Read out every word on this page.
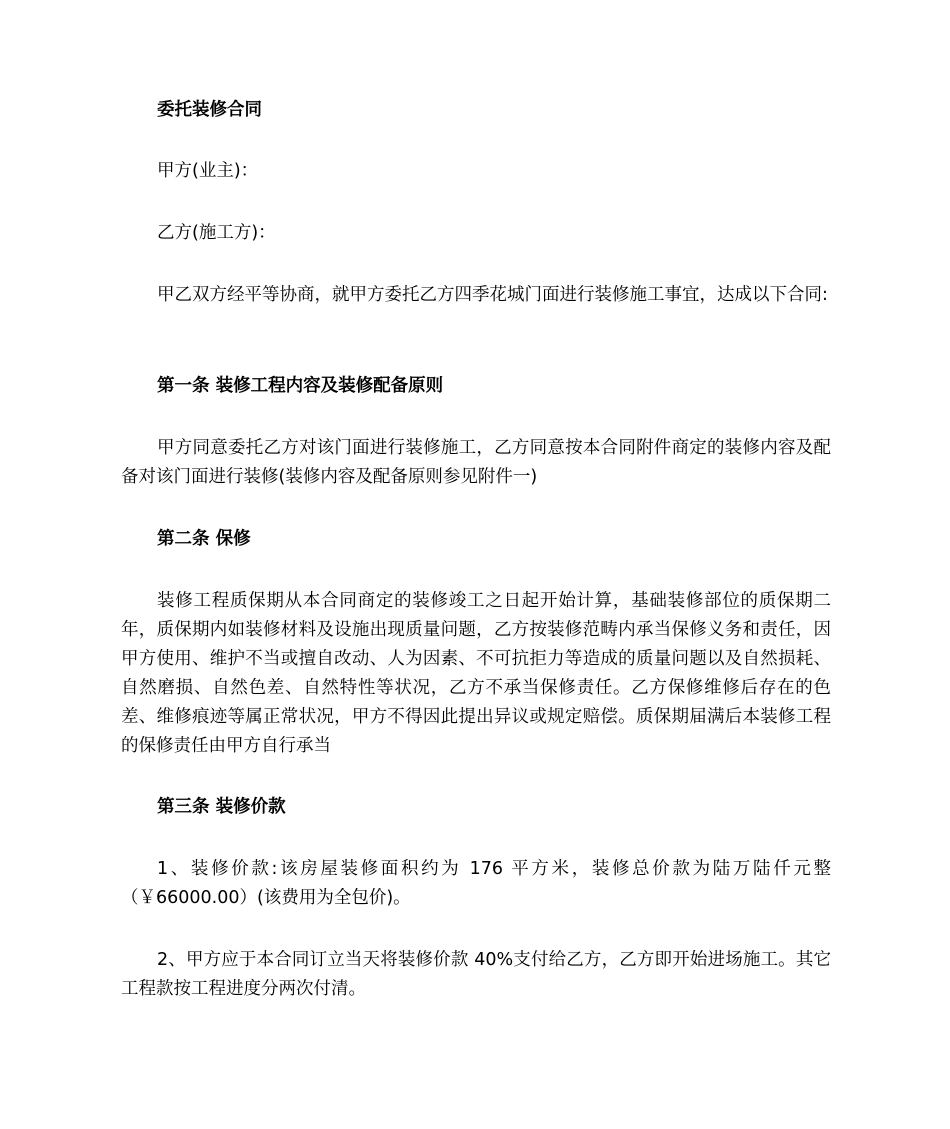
委托装修合同

甲方(业主)：

乙方(施工方)：

甲乙双方经平等协商，就甲方委托乙方四季花城门面进行装修施工事宜，达成以下合同:

第一条 装修工程内容及装修配备原则

甲方同意委托乙方对该门面进行装修施工，乙方同意按本合同附件商定的装修内容及配备对该门面进行装修(装修内容及配备原则参见附件一)

第二条 保修

装修工程质保期从本合同商定的装修竣工之日起开始计算，基础装修部位的质保期二年，质保期内如装修材料及设施出现质量问题，乙方按装修范畴内承当保修义务和责任，因甲方使用、维护不当或擅自改动、人为因素、不可抗拒力等造成的质量问题以及自然损耗、自然磨损、自然色差、自然特性等状况，乙方不承当保修责任。乙方保修维修后存在的色差、维修痕迹等属正常状况，甲方不得因此提出异议或规定赔偿。质保期届满后本装修工程的保修责任由甲方自行承当

第三条 装修价款

1、装修价款:该房屋装修面积约为 176 平方米，装修总价款为陆万陆仟元整（￥66000.00）(该费用为全包价)。

2、甲方应于本合同订立当天将装修价款 40%支付给乙方，乙方即开始进场施工。其它工程款按工程进度分两次付清。
